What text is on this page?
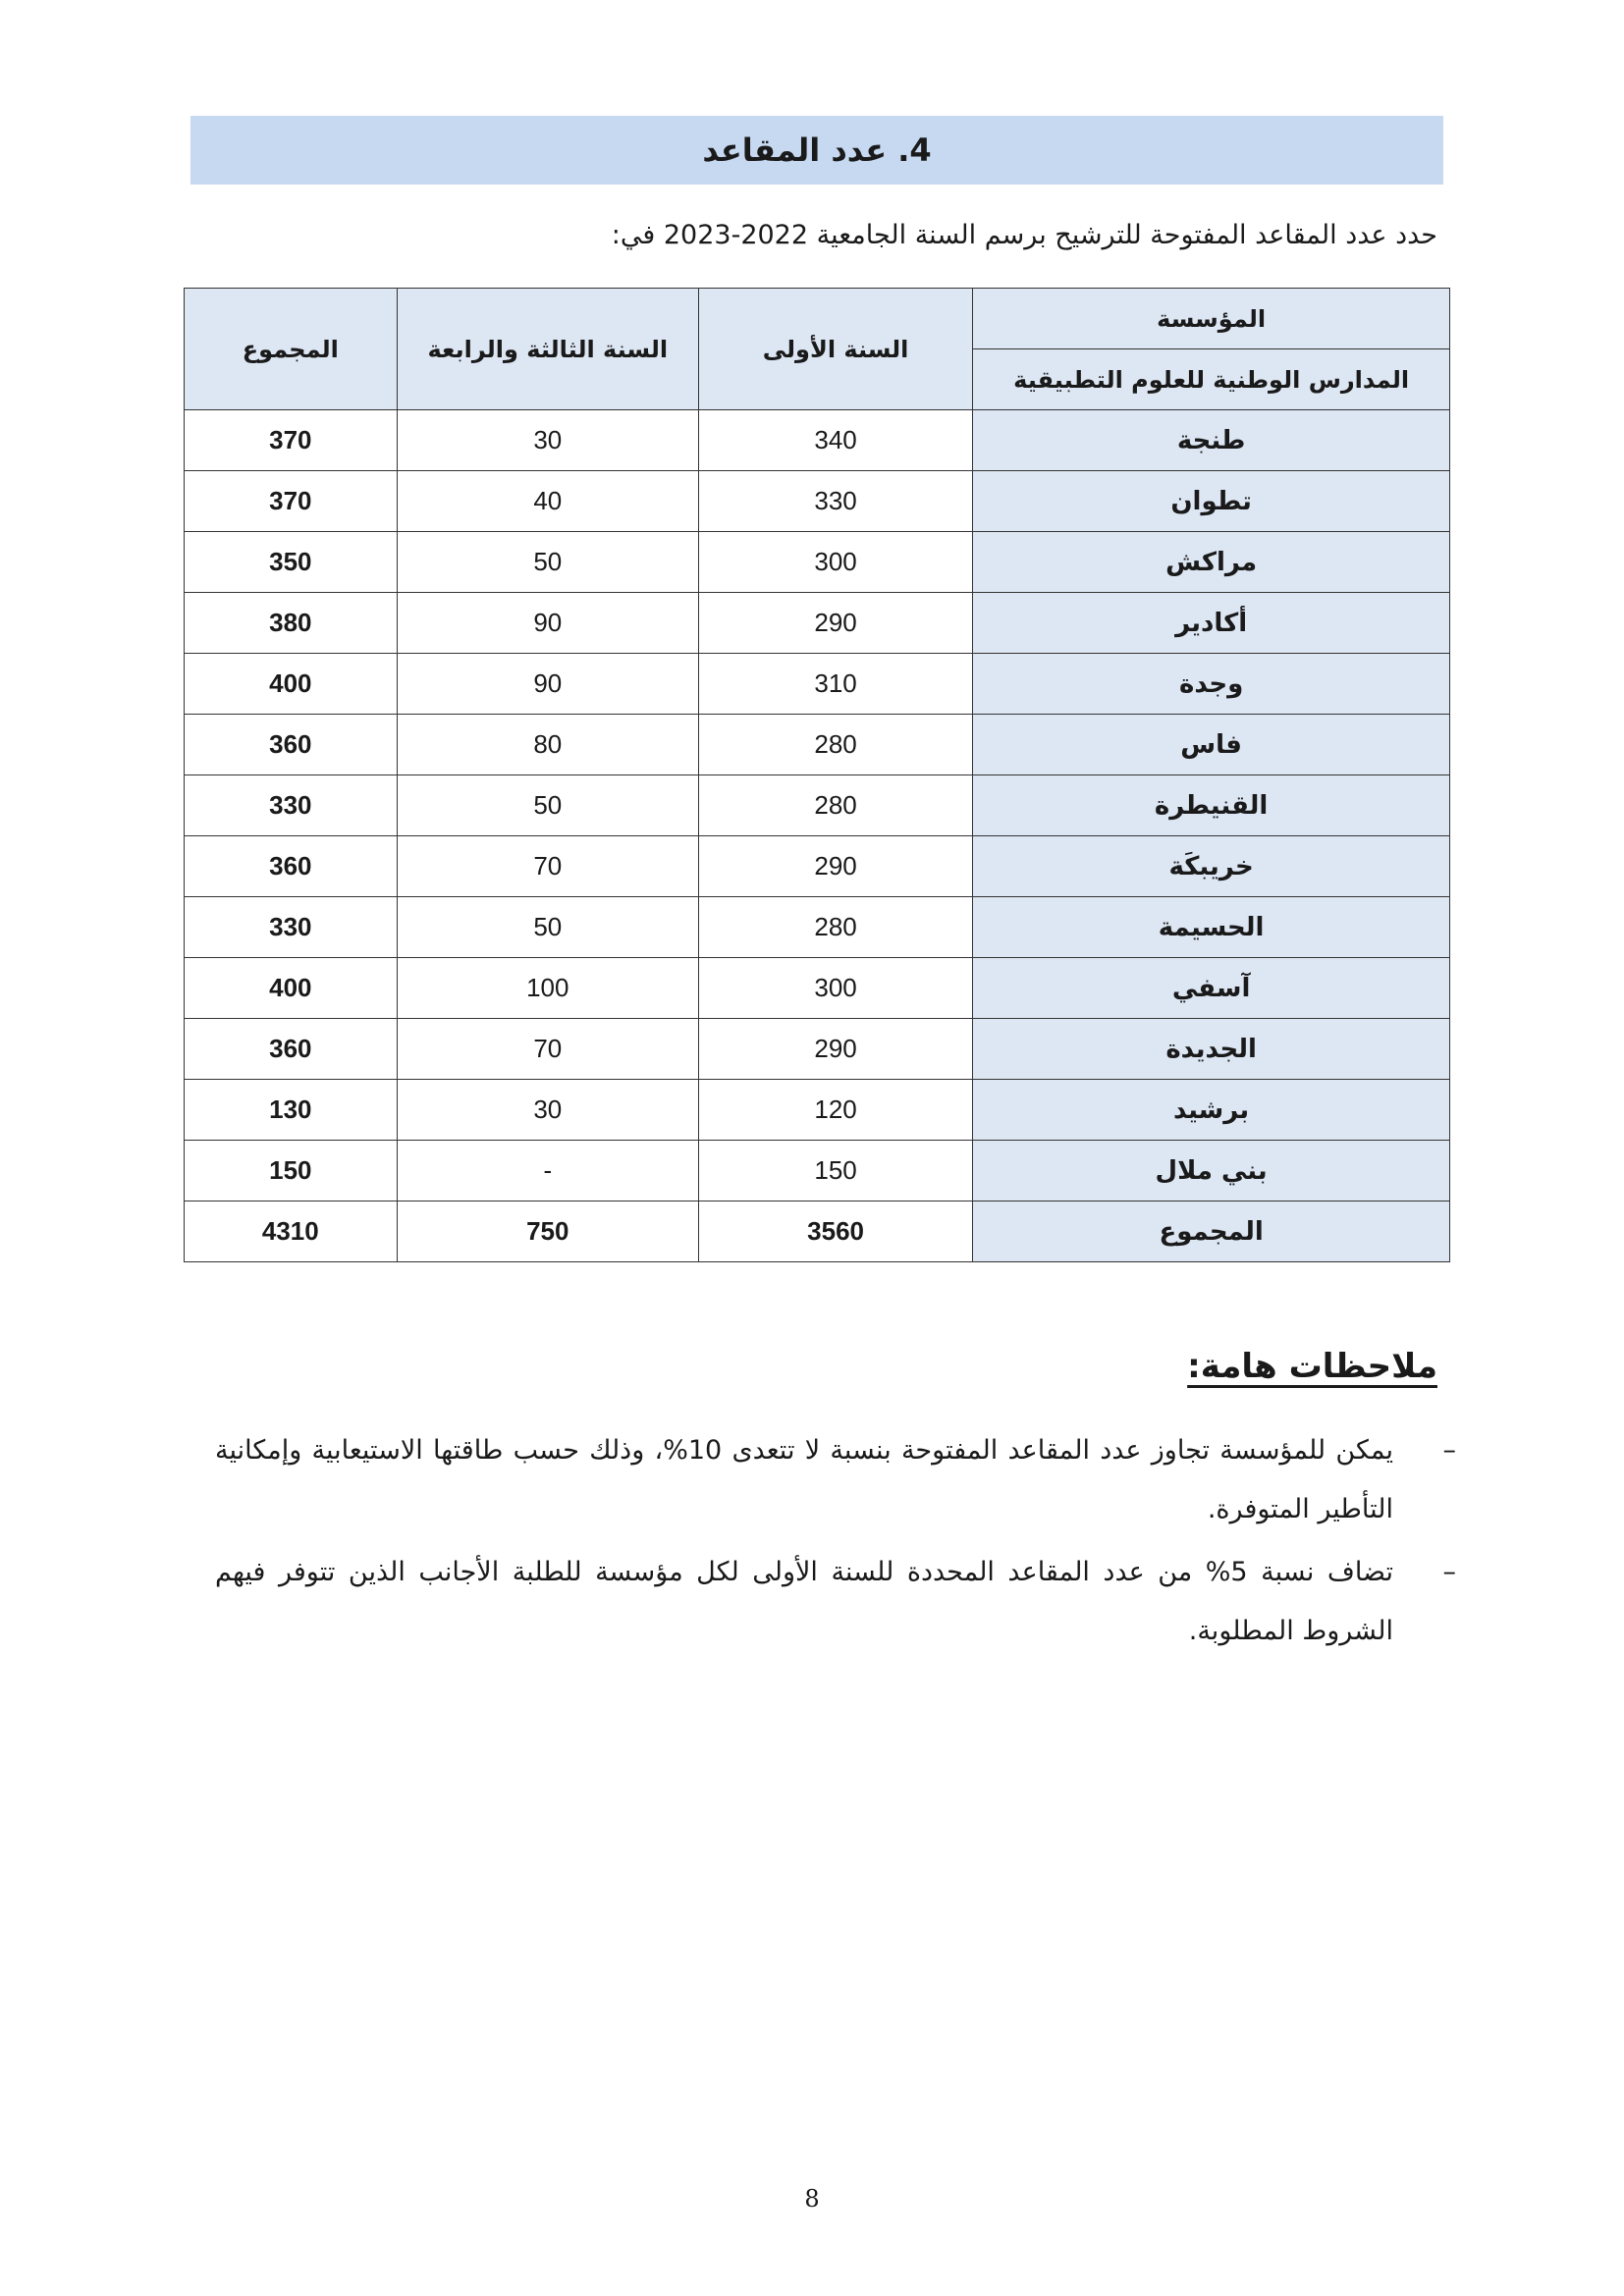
4. عدد المقاعد
حدد عدد المقاعد المفتوحة للترشيح برسم السنة الجامعية 2022-2023 في:
المؤسسة	السنة الأولى	السنة الثالثة والرابعة	المجموع
المدارس الوطنية للعلوم التطبيقية			
طنجة	340	30	370
تطوان	330	40	370
مراكش	300	50	350
أكادير	290	90	380
وجدة	310	90	400
فاس	280	80	360
القنيطرة	280	50	330
خريبكَة	290	70	360
الحسيمة	280	50	330
آسفي	300	100	400
الجديدة	290	70	360
برشيد	120	30	130
بني ملال	150	-	150
المجموع	3560	750	4310
ملاحظات هامة:
–
يمكن للمؤسسة تجاوز عدد المقاعد المفتوحة بنسبة لا تتعدى 10%، وذلك حسب طاقتها الاستيعابية وإمكانية التأطير المتوفرة.
–
تضاف نسبة 5% من عدد المقاعد المحددة للسنة الأولى لكل مؤسسة للطلبة الأجانب الذين تتوفر فيهم الشروط المطلوبة.
8
